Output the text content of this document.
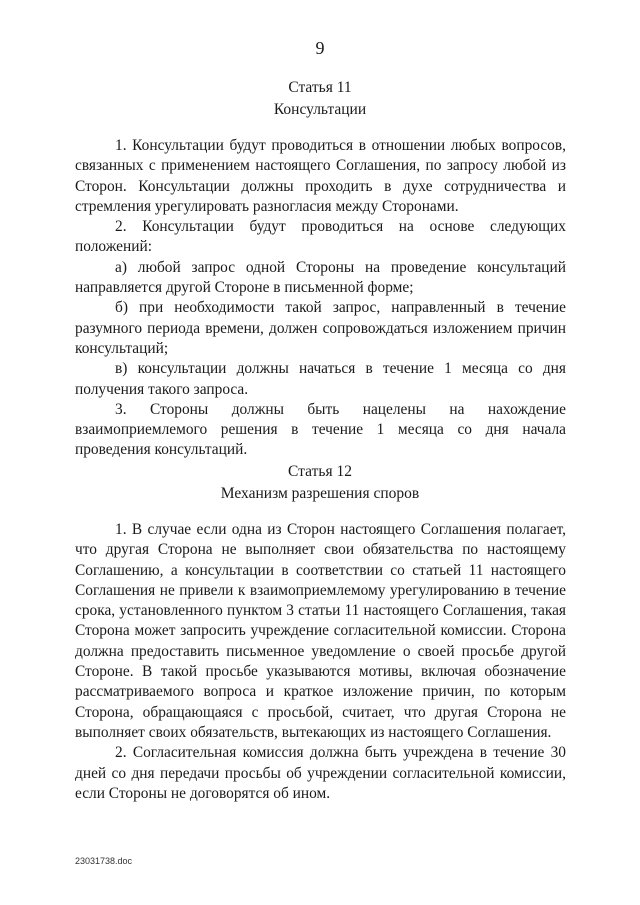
9
Статья 11
Консультации

1. Консультации будут проводиться в отношении любых вопросов, связанных с применением настоящего Соглашения, по запросу любой из Сторон. Консультации должны проходить в духе сотрудничества и стремления урегулировать разногласия между Сторонами.

2. Консультации будут проводиться на основе следующих положений:

а) любой запрос одной Стороны на проведение консультаций направляется другой Стороне в письменной форме;

б) при необходимости такой запрос, направленный в течение разумного периода времени, должен сопровождаться изложением причин консультаций;

в) консультации должны начаться в течение 1 месяца со дня получения такого запроса.

3. Стороны должны быть нацелены на нахождение взаимоприемлемого решения в течение 1 месяца со дня начала проведения консультаций.

Статья 12
Механизм разрешения споров

1. В случае если одна из Сторон настоящего Соглашения полагает, что другая Сторона не выполняет свои обязательства по настоящему Соглашению, а консультации в соответствии со статьей 11 настоящего Соглашения не привели к взаимоприемлемому урегулированию в течение срока, установленного пунктом 3 статьи 11 настоящего Соглашения, такая Сторона может запросить учреждение согласительной комиссии. Сторона должна предоставить письменное уведомление о своей просьбе другой Стороне. В такой просьбе указываются мотивы, включая обозначение рассматриваемого вопроса и краткое изложение причин, по которым Сторона, обращающаяся с просьбой, считает, что другая Сторона не выполняет своих обязательств, вытекающих из настоящего Соглашения.

2. Согласительная комиссия должна быть учреждена в течение 30 дней со дня передачи просьбы об учреждении согласительной комиссии, если Стороны не договорятся об ином.

23031738.doc
